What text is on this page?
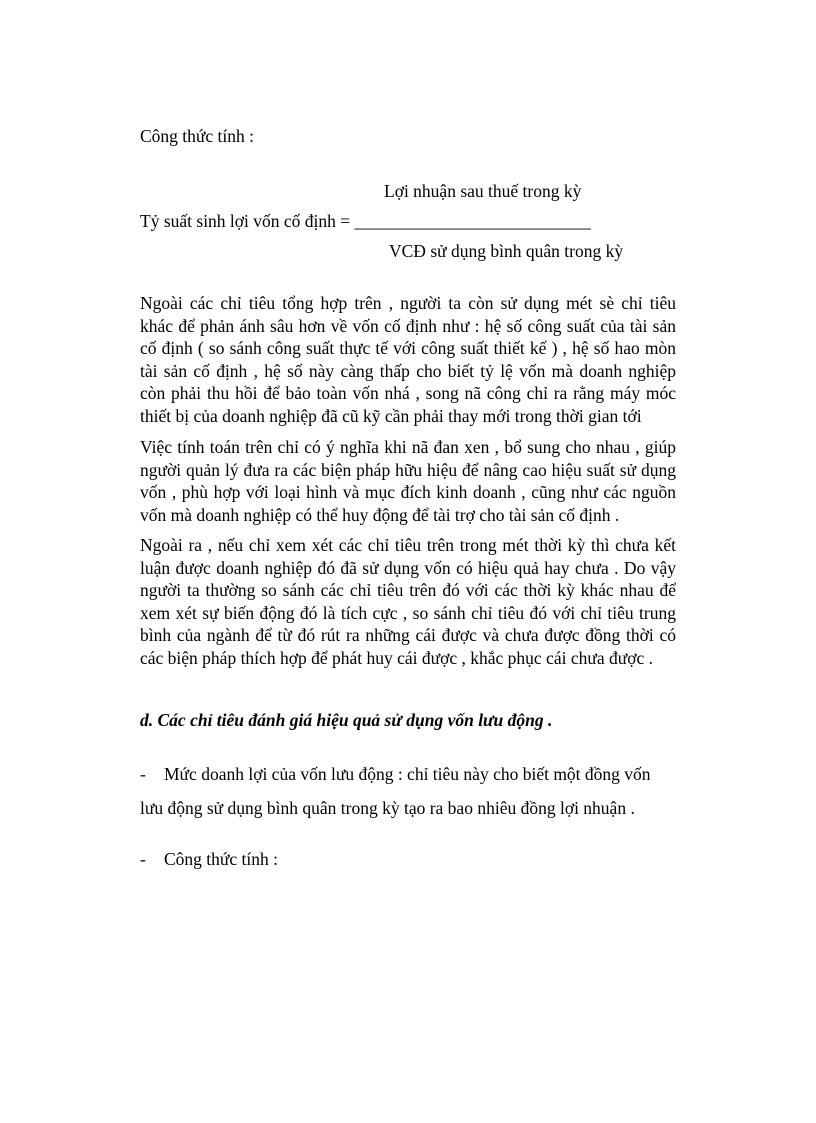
Công thức tính :
Lợi nhuận sau thuế trong kỳ
Tỷ suất sinh lợi vốn cố định = ___________________________
VCĐ sử dụng bình quân trong kỳ
Ngoài các chỉ tiêu tổng hợp trên , người ta còn sử dụng mét sè chỉ tiêu
khác để phản ánh sâu hơn về vốn cố định như : hệ số công suất của tài sản
cố định ( so sánh công suất thực tế với công suất thiết kế ) , hệ số hao mòn
tài sản cố định , hệ số này càng thấp cho biết tỷ lệ vốn mà doanh nghiệp
còn phải thu hồi để bảo toàn vốn nhá , song nã công chỉ ra rằng máy móc
thiết bị của doanh nghiệp đã cũ kỹ cần phải thay mới trong thời gian tới
Việc tính toán trên chỉ có ý nghĩa khi nã đan xen , bổ sung cho nhau , giúp
người quản lý đưa ra các biện pháp hữu hiệu để nâng cao hiệu suất sử dụng
vốn , phù hợp với loại hình và mục đích kinh doanh , cũng như các nguồn
vốn mà doanh nghiệp có thể huy động để tài trợ cho tài sản cố định .
Ngoài ra , nếu chỉ xem xét các chỉ tiêu trên trong mét thời kỳ thì chưa kết
luận được doanh nghiệp đó đã sử dụng vốn có hiệu quả hay chưa . Do vậy
người ta thường so sánh các chỉ tiêu trên đó với các thời kỳ khác nhau để
xem xét sự biến động đó là tích cực , so sánh chỉ tiêu đó với chỉ tiêu trung
bình của ngành để từ đó rút ra những cái được và chưa được đồng thời có
các biện pháp thích hợp để phát huy cái được , khắc phục cái chưa được .
d. Các chỉ tiêu đánh giá hiệu quả sử dụng vốn lưu động .
- Mức doanh lợi của vốn lưu động : chỉ tiêu này cho biết một đồng vốn
lưu động sử dụng bình quân trong kỳ tạo ra bao nhiêu đồng lợi nhuận .
- Công thức tính :
